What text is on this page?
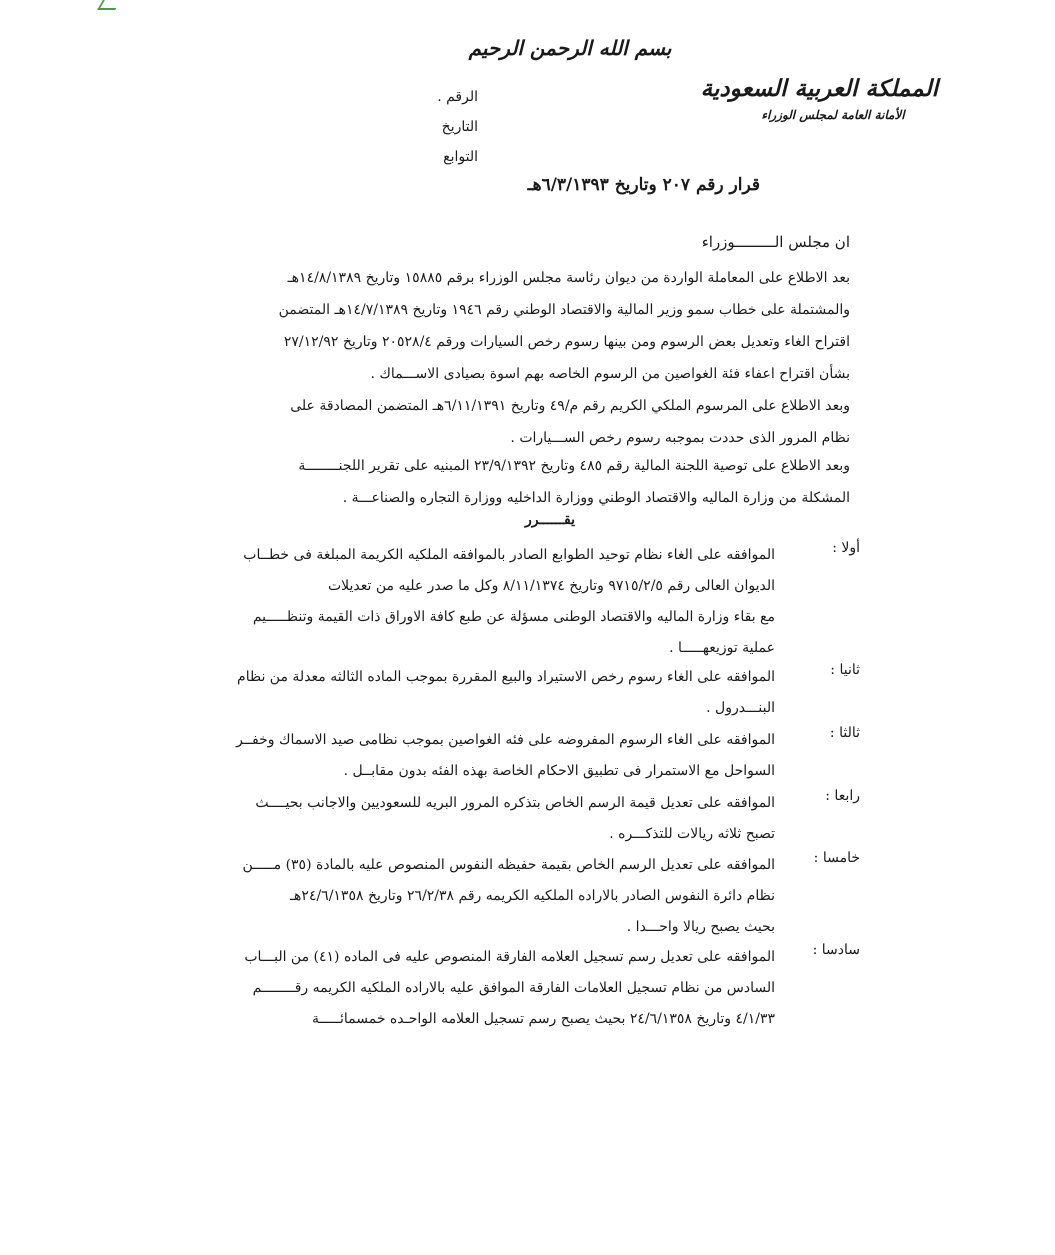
بسم الله الرحمن الرحيم
المملكة العربية السعودية
الأمانة العامة لمجلس الوزراء
الرقم .
التاريخ
التوابع
قرار رقم ٢٠٧ وتاريخ ٦/٣/١٣٩٣هـ
ان مجلس الـــــــــوزراء
بعد الاطلاع على المعاملة الواردة من ديوان رئاسة مجلس الوزراء برقم ١٥٨٨٥ وتاريخ ١٤/٨/١٣٨٩هـ
والمشتملة على خطاب سمو وزير المالية والاقتصاد الوطني رقم ١٩٤٦ وتاريخ ١٤/٧/١٣٨٩هـ المتضمن
اقتراح الغاء وتعديل بعض الرسوم ومن بينها رسوم رخص السيارات ورقم ٢٠٥٢٨/٤ وتاريخ ٢٧/١٢/٩٢
بشأن اقتراح اعفاء فئة الغواصين من الرسوم الخاصه بهم اسوة بصيادى الاســـماك .
وبعد الاطلاع على المرسوم الملكي الكريم رقم م/٤٩ وتاريخ ٦/١١/١٣٩١هـ المتضمن المصادقة على
نظام المرور الذى حددت بموجبه رسوم رخص الســـيارات .
وبعد الاطلاع على توصية اللجنة المالية رقم ٤٨٥ وتاريخ ٢٣/٩/١٣٩٢ المبنيه على تقرير اللجنــــــــة
المشكلة من وزارة الماليه والاقتصاد الوطني ووزارة الداخليه ووزارة التجاره والصناعـــة .
يقــــــرر
أولا :
الموافقه على الغاء نظام توحيد الطوابع الصادر بالموافقه الملكيه الكريمة المبلغة فى خطــاب
الديوان العالى رقم ٩٧١٥/٢/٥ وتاريخ ٨/١١/١٣٧٤ وكل ما صدر عليه من تعديلات
مع بقاء وزارة الماليه والاقتصاد الوطنى مسؤلة عن طبع كافة الاوراق ذات القيمة وتنظـــــيم
عملية توزيعهـــــا .
ثانيا :
الموافقه على الغاء رسوم رخص الاستيراد والبيع المقررة بموجب الماده الثالثه معدلة من نظام
البنـــدرول .
ثالثا :
الموافقه على الغاء الرسوم المفروضه على فئه الغواصين بموجب نظامى صيد الاسماك وخفــر
السواحل مع الاستمرار فى تطبيق الاحكام الخاصة بهذه الفئه بدون مقابــل .
رابعا :
الموافقه على تعديل قيمة الرسم الخاص بتذكره المرور البريه للسعوديين والاجانب بحيــــث
تصبح ثلاثه ريالات للتذكـــره .
خامسا :
الموافقه على تعديل الرسم الخاص بقيمة حفيظه النفوس المنصوص عليه بالمادة (٣٥) مـــــن
نظام دائرة النفوس الصادر بالاراده الملكيه الكريمه رقم ٢٦/٢/٣٨ وتاريخ ٢٤/٦/١٣٥٨هـ
بحيث يصبح ريالا واحـــدا .
سادسا :
الموافقه على تعديل رسم تسجيل العلامه الفارقة المنصوص عليه فى الماده (٤١) من البـــاب
السادس من نظام تسجيل العلامات الفارقة الموافق عليه بالاراده الملكيه الكريمه رقــــــــم
٤/١/٣٣ وتاريخ ٢٤/٦/١٣٥٨ بحيث يصبح رسم تسجيل العلامه الواحـده خمسمائـــــة
